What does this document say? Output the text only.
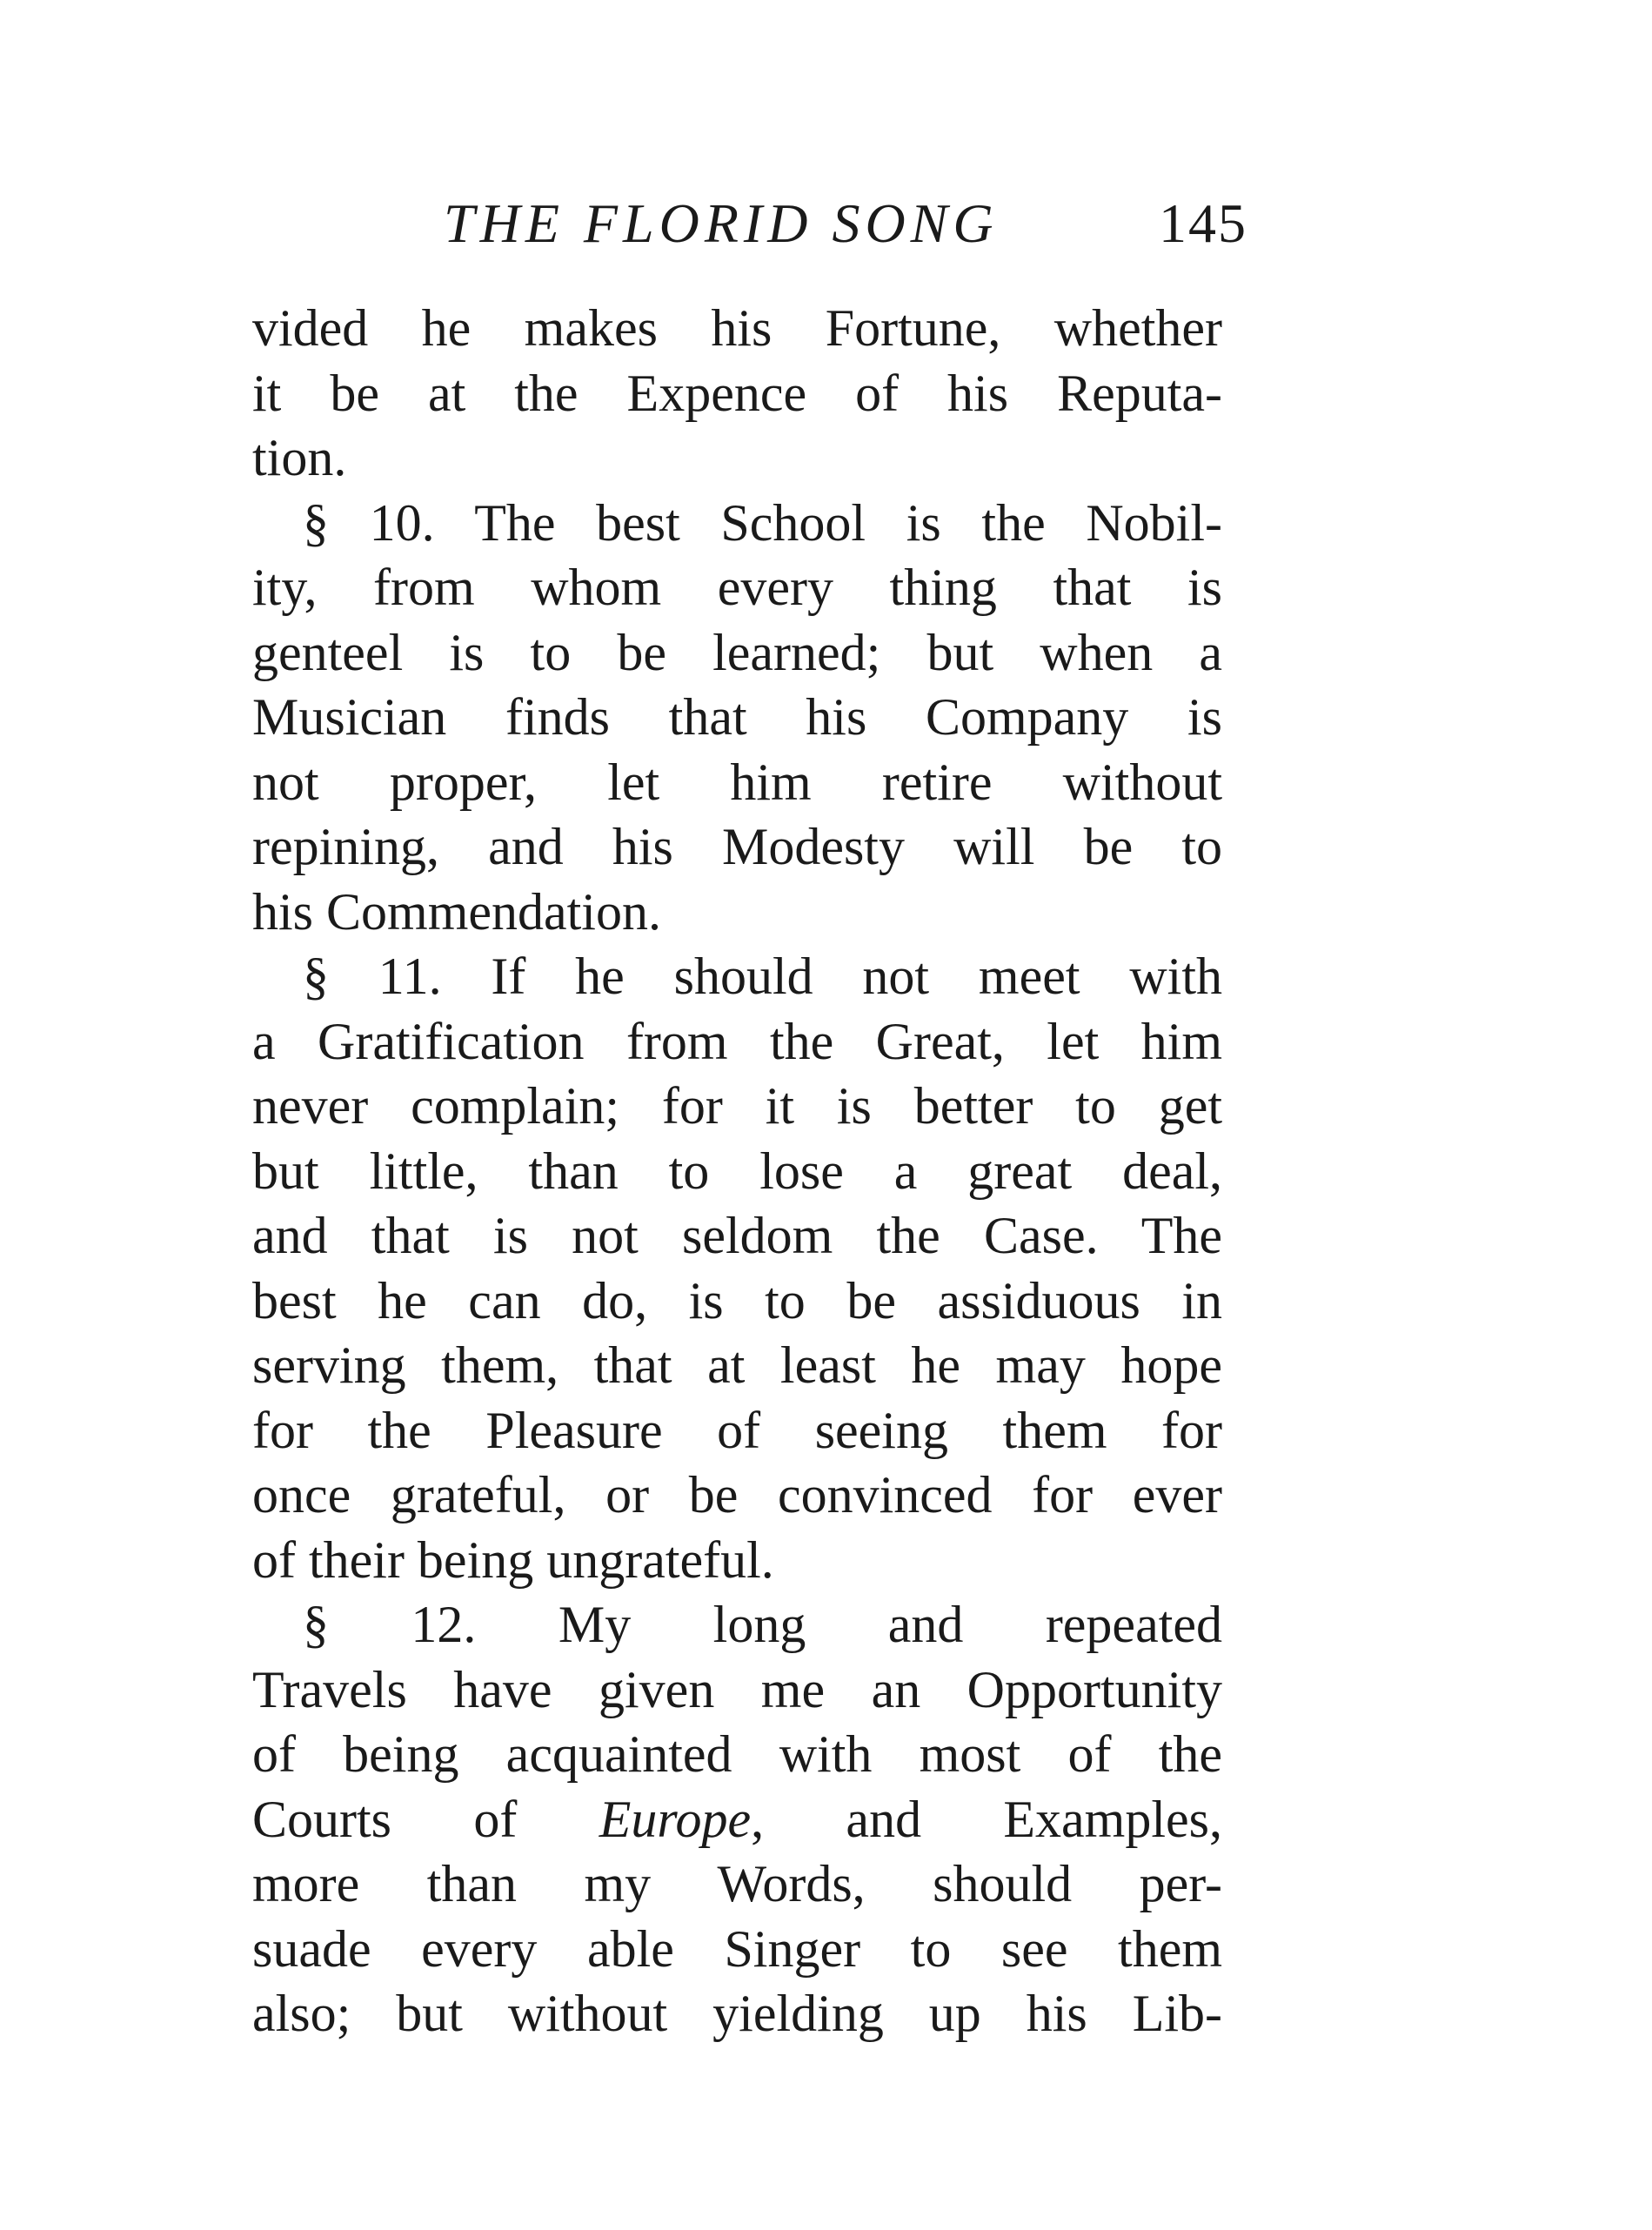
THE FLORID SONG	145
vided he makes his Fortune, whether
it be at the Expence of his Reputa-
tion.
§ 10. The best School is the Nobil-
ity, from whom every thing that is
genteel is to be learned; but when a
Musician finds that his Company is
not proper, let him retire without
repining, and his Modesty will be to
his Commendation.
§ 11. If he should not meet with
a Gratification from the Great, let him
never complain; for it is better to get
but little, than to lose a great deal,
and that is not seldom the Case. The
best he can do, is to be assiduous in
serving them, that at least he may hope
for the Pleasure of seeing them for
once grateful, or be convinced for ever
of their being ungrateful.
§ 12. My long and repeated
Travels have given me an Opportunity
of being acquainted with most of the
Courts of Europe, and Examples,
more than my Words, should per-
suade every able Singer to see them
also; but without yielding up his Lib-
